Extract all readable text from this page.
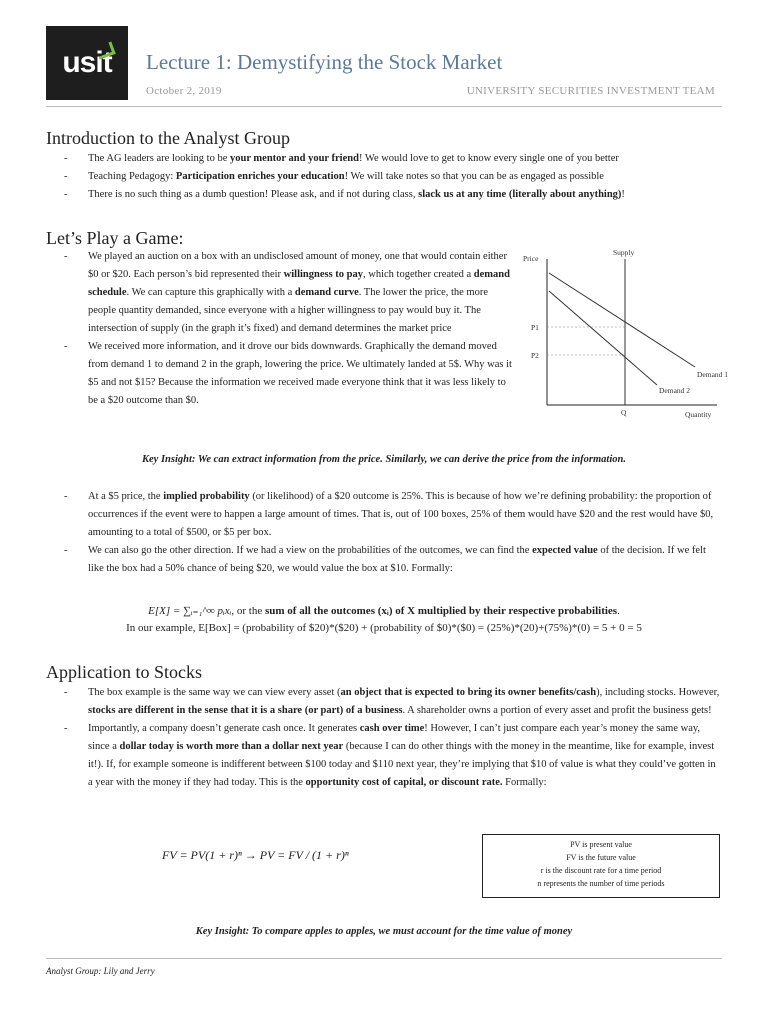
usit Lecture 1: Demystifying the Stock Market
October 2, 2019	UNIVERSITY SECURITIES INVESTMENT TEAM
Introduction to the Analyst Group
- The AG leaders are looking to be your mentor and your friend! We would love to get to know every single one of you better
- Teaching Pedagogy: Participation enriches your education! We will take notes so that you can be as engaged as possible
- There is no such thing as a dumb question! Please ask, and if not during class, slack us at any time (literally about anything)!
Let’s Play a Game:
- We played an auction on a box with an undisclosed amount of money, one that would contain either $0 or $20. Each person’s bid represented their willingness to pay, which together created a demand schedule. We can capture this graphically with a demand curve. The lower the price, the more people quantity demanded, since everyone with a higher willingness to pay would buy it. The intersection of supply (in the graph it’s fixed) and demand determines the market price
- We received more information, and it drove our bids downwards. Graphically the demand moved from demand 1 to demand 2 in the graph, lowering the price. We ultimately landed at 5$. Why was it $5 and not $15? Because the information we received made everyone think that it was less likely to be a $20 outcome than $0.
Price
Supply
P1
P2
Q	Quantity
Demand 1
Demand 2
Key Insight: We can extract information from the price. Similarly, we can derive the price from the information.
- At a $5 price, the implied probability (or likelihood) of a $20 outcome is 25%. This is because of how we’re defining probability: the proportion of occurrences if the event were to happen a large amount of times. That is, out of 100 boxes, 25% of them would have $20 and the rest would have $0, amounting to a total of $500, or $5 per box.
- We can also go the other direction. If we had a view on the probabilities of the outcomes, we can find the expected value of the decision. If we felt like the box had a 50% chance of being $20, we would value the box at $10. Formally:
E[X] = ∑ᵢ₌₁^∞ pᵢxᵢ, or the sum of all the outcomes (xᵢ) of X multiplied by their respective probabilities.
In our example, E[Box] = (probability of $20)*($20) + (probability of $0)*($0) = (25%)*(20)+(75%)*(0) = 5 + 0 = 5
Application to Stocks
- The box example is the same way we can view every asset (an object that is expected to bring its owner benefits/cash), including stocks. However, stocks are different in the sense that it is a share (or part) of a business. A shareholder owns a portion of every asset and profit the business gets!
- Importantly, a company doesn’t generate cash once. It generates cash over time! However, I can’t just compare each year’s money the same way, since a dollar today is worth more than a dollar next year (because I can do other things with the money in the meantime, like for example, invest it!). If, for example someone is indifferent between $100 today and $110 next year, they’re implying that $10 of value is what they could’ve gotten in a year with the money if they had today. This is the opportunity cost of capital, or discount rate. Formally:
FV = PV(1 + r)ⁿ → PV = FV / (1 + r)ⁿ
PV is present value
FV is the future value
r is the discount rate for a time period
n represents the number of time periods
Key Insight: To compare apples to apples, we must account for the time value of money
Analyst Group: Lily and Jerry
